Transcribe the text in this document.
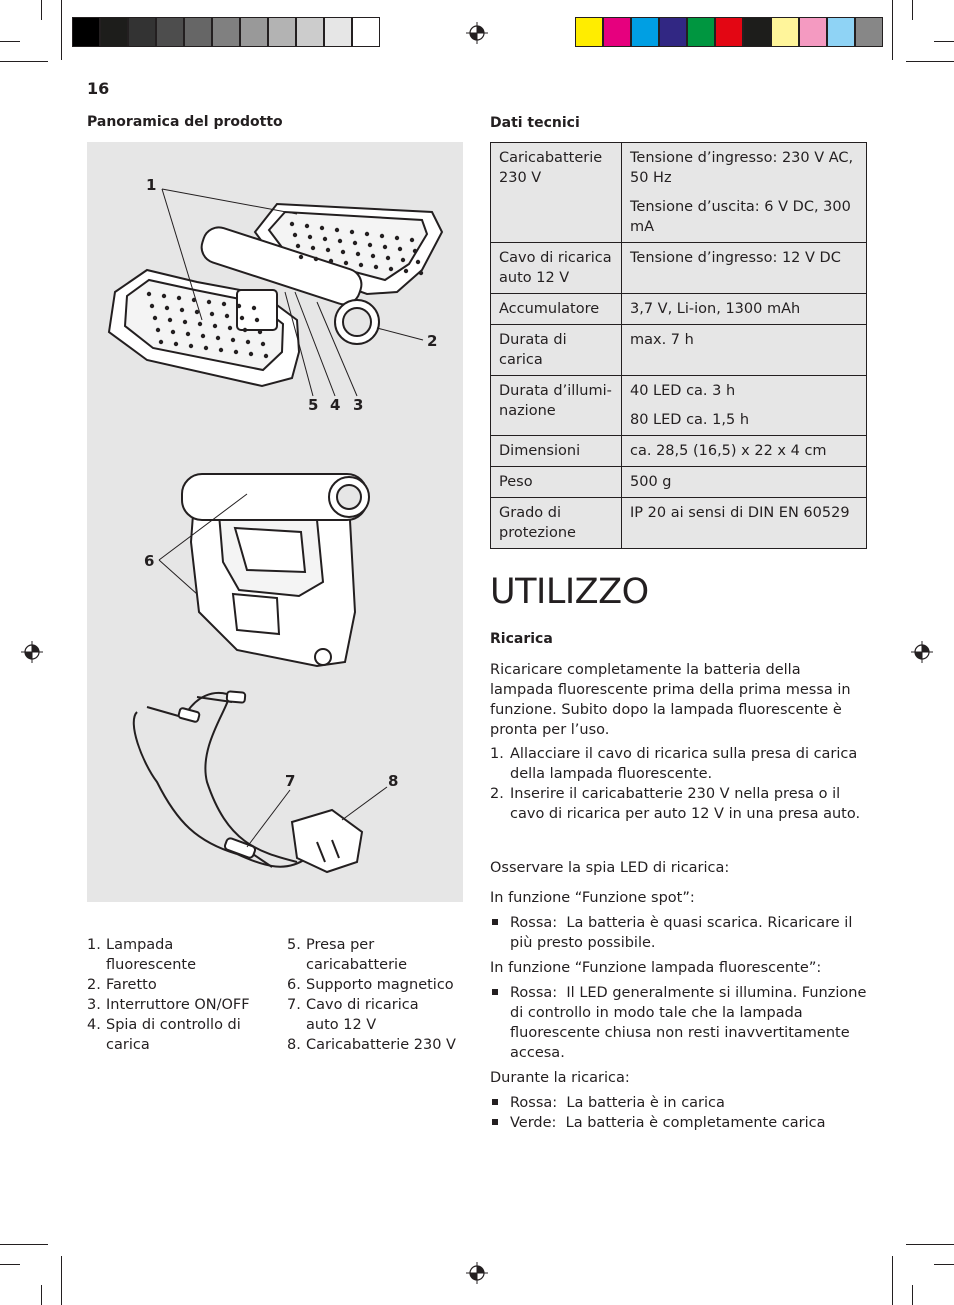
16
Panoramica del prodotto
1
2
5 4 3
6
7	8
1. Lampada fluorescente
2. Faretto
3. Interruttore ON/OFF
4. Spia di controllo di carica
5. Presa per caricabatterie
6. Supporto magnetico
7. Cavo di ricarica auto 12 V
8. Caricabatterie 230 V
Dati tecnici
Caricabatterie 230 V	Tensione d’ingresso: 230 V AC, 50 Hz

Tensione d’uscita: 6 V DC, 300 mA

Cavo di ricarica auto 12 V	Tensione d’ingresso: 12 V DC

Accumulatore	3,7 V, Li-ion, 1300 mAh

Durata di carica	max. 7 h

Durata d’illumi-nazione	40 LED ca. 3 h

80 LED ca. 1,5 h

Dimensioni	ca. 28,5 (16,5) x 22 x 4 cm

Peso	500 g

Grado di protezione	IP 20 ai sensi di DIN EN 60529

UTILIZZO
Ricarica

Ricaricare completamente la batteria della lampada fluorescente prima della prima messa in funzione. Subito dopo la lampada fluorescente è pronta per l’uso.

1. Allacciare il cavo di ricarica sulla presa di carica della lampada fluorescente.
2. Inserire il caricabatterie 230 V nella presa o il cavo di ricarica per auto 12 V in una presa auto.

Osservare la spia LED di ricarica:

In funzione “Funzione spot”:

Rossa: La batteria è quasi scarica. Ricaricare il più presto possibile.

In funzione “Funzione lampada fluorescente”:

Rossa: Il LED generalmente si illumina. Funzione di controllo in modo tale che la lampada fluorescente chiusa non resti inavvertitamente accesa.

Durante la ricarica:

Rossa: La batteria è in carica
Verde: La batteria è completamente carica
